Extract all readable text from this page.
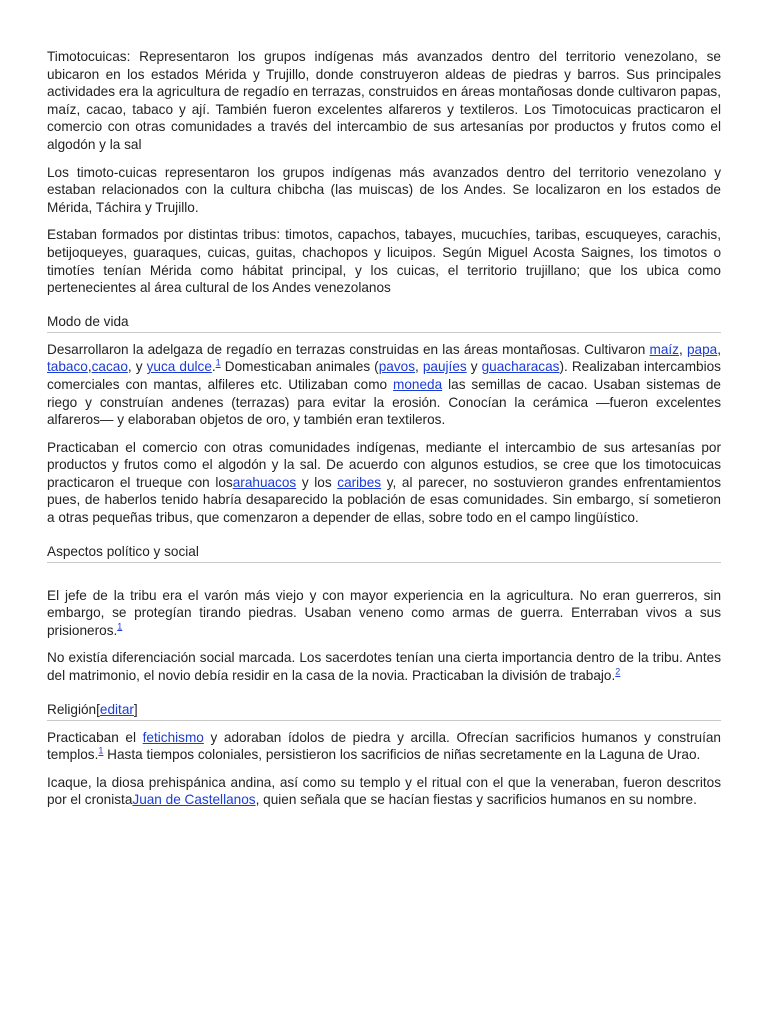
Timotocuicas: Representaron los grupos indígenas más avanzados dentro del territorio venezolano, se ubicaron en los estados Mérida y Trujillo, donde construyeron aldeas de piedras y barros. Sus principales actividades era la agricultura de regadío en terrazas, construidos en áreas montañosas donde cultivaron papas, maíz, cacao, tabaco y ají. También fueron excelentes alfareros y textileros. Los Timotocuicas practicaron el comercio con otras comunidades a través del intercambio de sus artesanías por productos y frutos como el algodón y la sal

Los timoto-cuicas representaron los grupos indígenas más avanzados dentro del territorio venezolano y estaban relacionados con la cultura chibcha (las muiscas) de los Andes. Se localizaron en los estados de Mérida, Táchira y Trujillo.

Estaban formados por distintas tribus: timotos, capachos, tabayes, mucuchíes, taribas, escuqueyes, carachis, betijoqueyes, guaraques, cuicas, guitas, chachopos y licuipos. Según Miguel Acosta Saignes, los timotos o timotíes tenían Mérida como hábitat principal, y los cuicas, el territorio trujillano; que los ubica como pertenecientes al área cultural de los Andes venezolanos

Modo de vida

Desarrollaron la adelgaza de regadío en terrazas construidas en las áreas montañosas. Cultivaron maíz, papa, tabaco,cacao, y yuca dulce.$^1$ Domesticaban animales (pavos, paujíes y guacharacas). Realizaban intercambios comerciales con mantas, alfileres etc. Utilizaban como moneda las semillas de cacao. Usaban sistemas de riego y construían andenes (terrazas) para evitar la erosión. Conocían la cerámica —fueron excelentes alfareros— y elaboraban objetos de oro, y también eran textileros.

Practicaban el comercio con otras comunidades indígenas, mediante el intercambio de sus artesanías por productos y frutos como el algodón y la sal. De acuerdo con algunos estudios, se cree que los timotocuicas practicaron el trueque con losarahuacos y los caribes y, al parecer, no sostuvieron grandes enfrentamientos pues, de haberlos tenido habría desaparecido la población de esas comunidades. Sin embargo, sí sometieron a otras pequeñas tribus, que comenzaron a depender de ellas, sobre todo en el campo lingüístico.

Aspectos político y social

El jefe de la tribu era el varón más viejo y con mayor experiencia en la agricultura. No eran guerreros, sin embargo, se protegían tirando piedras. Usaban veneno como armas de guerra. Enterraban vivos a sus prisioneros.$^1$

No existía diferenciación social marcada. Los sacerdotes tenían una cierta importancia dentro de la tribu. Antes del matrimonio, el novio debía residir en la casa de la novia. Practicaban la división de trabajo.$^2$

Religión[editar]

Practicaban el fetichismo y adoraban ídolos de piedra y arcilla. Ofrecían sacrificios humanos y construían templos.$^1$ Hasta tiempos coloniales, persistieron los sacrificios de niñas secretamente en la Laguna de Urao.

Icaque, la diosa prehispánica andina, así como su templo y el ritual con el que la veneraban, fueron descritos por el cronistaJuan de Castellanos, quien señala que se hacían fiestas y sacrificios humanos en su nombre.
